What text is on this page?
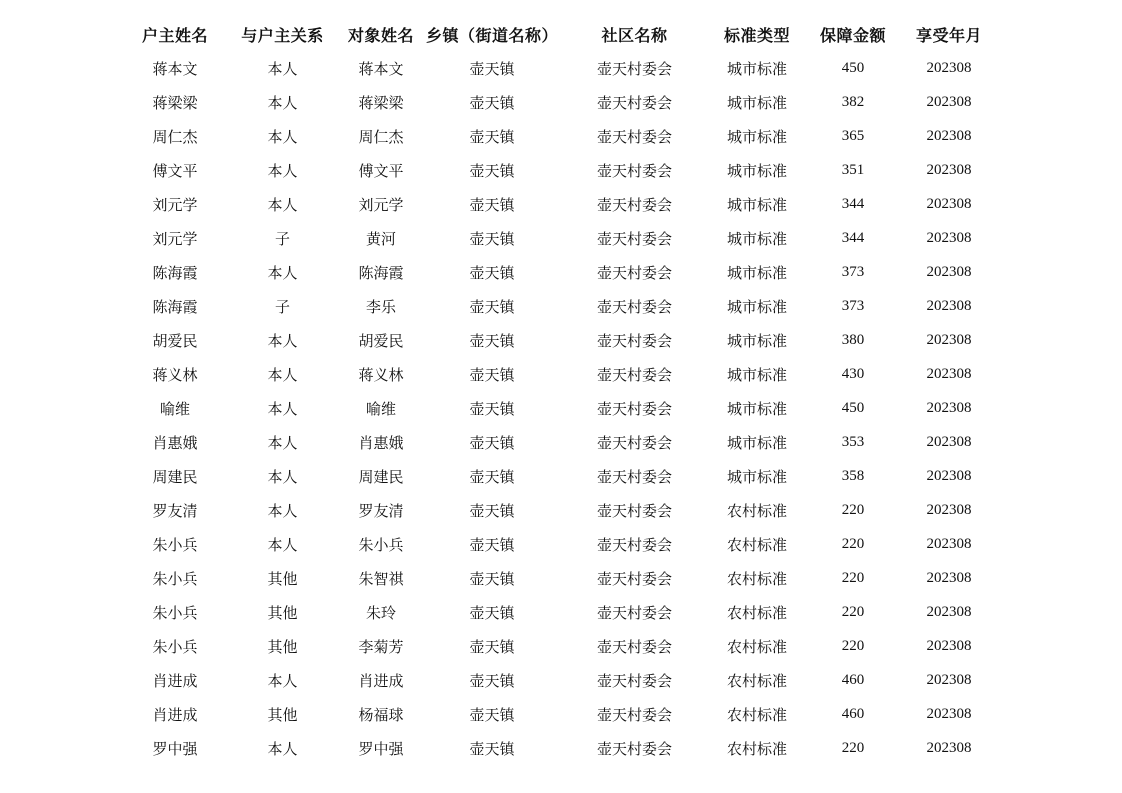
户主姓名	与户主关系	对象姓名	乡镇（街道名称）	社区名称	标准类型	保障金额	享受年月
蒋本文	本人	蒋本文	壶天镇	壶天村委会	城市标准	450	202308
蒋梁梁	本人	蒋梁梁	壶天镇	壶天村委会	城市标准	382	202308
周仁杰	本人	周仁杰	壶天镇	壶天村委会	城市标准	365	202308
傅文平	本人	傅文平	壶天镇	壶天村委会	城市标准	351	202308
刘元学	本人	刘元学	壶天镇	壶天村委会	城市标准	344	202308
刘元学	子	黄河	壶天镇	壶天村委会	城市标准	344	202308
陈海霞	本人	陈海霞	壶天镇	壶天村委会	城市标准	373	202308
陈海霞	子	李乐	壶天镇	壶天村委会	城市标准	373	202308
胡爱民	本人	胡爱民	壶天镇	壶天村委会	城市标准	380	202308
蒋义林	本人	蒋义林	壶天镇	壶天村委会	城市标准	430	202308
喻维	本人	喻维	壶天镇	壶天村委会	城市标准	450	202308
肖惠娥	本人	肖惠娥	壶天镇	壶天村委会	城市标准	353	202308
周建民	本人	周建民	壶天镇	壶天村委会	城市标准	358	202308
罗友清	本人	罗友清	壶天镇	壶天村委会	农村标准	220	202308
朱小兵	本人	朱小兵	壶天镇	壶天村委会	农村标准	220	202308
朱小兵	其他	朱智祺	壶天镇	壶天村委会	农村标准	220	202308
朱小兵	其他	朱玲	壶天镇	壶天村委会	农村标准	220	202308
朱小兵	其他	李菊芳	壶天镇	壶天村委会	农村标准	220	202308
肖进成	本人	肖进成	壶天镇	壶天村委会	农村标准	460	202308
肖进成	其他	杨福球	壶天镇	壶天村委会	农村标准	460	202308
罗中强	本人	罗中强	壶天镇	壶天村委会	农村标准	220	202308
